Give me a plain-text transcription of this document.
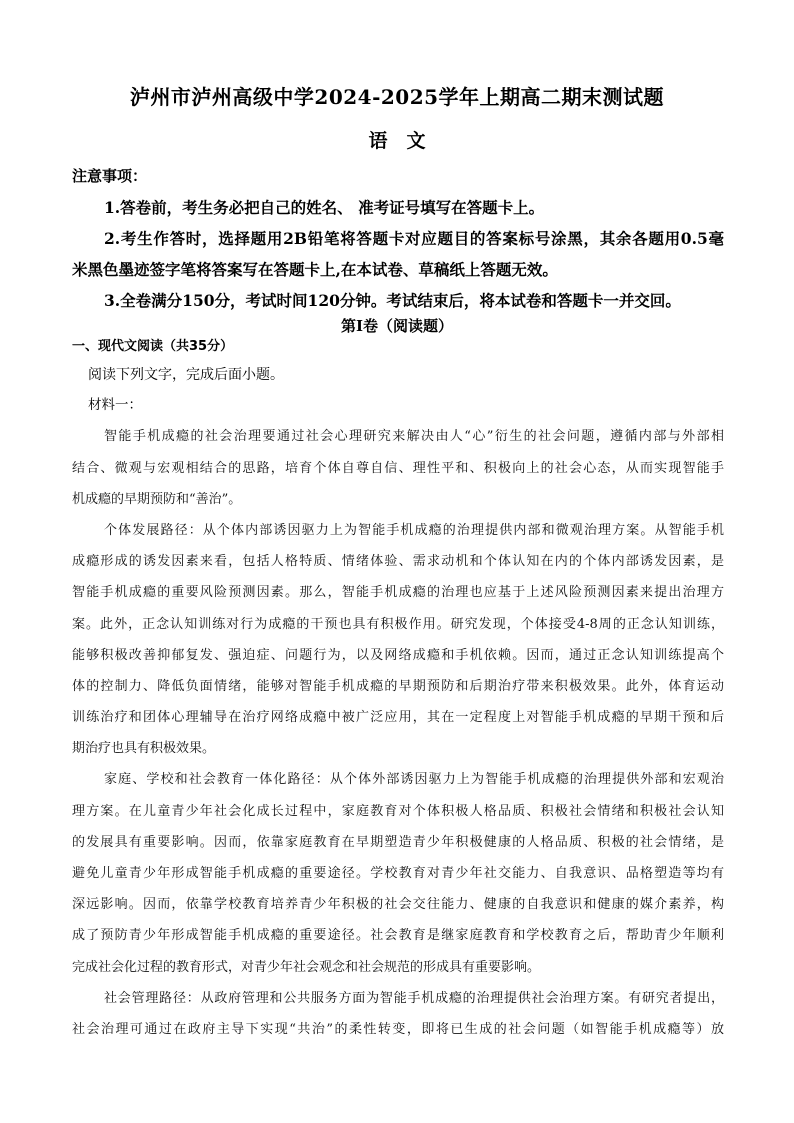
泸州市泸州高级中学2024-2025学年上期高二期末测试题
语　文
注意事项：
1.答卷前，考生务必把自己的姓名、 准考证号填写在答题卡上。
2.考生作答时，选择题用2B铅笔将答题卡对应题目的答案标号涂黑，其余各题用0.5毫
米黑色墨迹签字笔将答案写在答题卡上,在本试卷、草稿纸上答题无效。
3.全卷满分150分，考试时间120分钟。考试结束后，将本试卷和答题卡一并交回。
第Ⅰ卷（阅读题）
一、现代文阅读（共35分）
阅读下列文字，完成后面小题。
材料一：
智能手机成瘾的社会治理要通过社会心理研究来解决由人“心”衍生的社会问题，遵循内部与外部相
结合、微观与宏观相结合的思路，培育个体自尊自信、理性平和、积极向上的社会心态，从而实现智能手
机成瘾的早期预防和“善治”。
个体发展路径：从个体内部诱因驱力上为智能手机成瘾的治理提供内部和微观治理方案。从智能手机
成瘾形成的诱发因素来看，包括人格特质、情绪体验、需求动机和个体认知在内的个体内部诱发因素，是
智能手机成瘾的重要风险预测因素。那么，智能手机成瘾的治理也应基于上述风险预测因素来提出治理方
案。此外，正念认知训练对行为成瘾的干预也具有积极作用。研究发现，个体接受4-8周的正念认知训练，
能够积极改善抑郁复发、强迫症、问题行为，以及网络成瘾和手机依赖。因而，通过正念认知训练提高个
体的控制力、降低负面情绪，能够对智能手机成瘾的早期预防和后期治疗带来积极效果。此外，体育运动
训练治疗和团体心理辅导在治疗网络成瘾中被广泛应用，其在一定程度上对智能手机成瘾的早期干预和后
期治疗也具有积极效果。
家庭、学校和社会教育一体化路径：从个体外部诱因驱力上为智能手机成瘾的治理提供外部和宏观治
理方案。在儿童青少年社会化成长过程中，家庭教育对个体积极人格品质、积极社会情绪和积极社会认知
的发展具有重要影响。因而，依靠家庭教育在早期塑造青少年积极健康的人格品质、积极的社会情绪，是
避免儿童青少年形成智能手机成瘾的重要途径。学校教育对青少年社交能力、自我意识、品格塑造等均有
深远影响。因而，依靠学校教育培养青少年积极的社会交往能力、健康的自我意识和健康的媒介素养，构
成了预防青少年形成智能手机成瘾的重要途径。社会教育是继家庭教育和学校教育之后，帮助青少年顺利
完成社会化过程的教育形式，对青少年社会观念和社会规范的形成具有重要影响。
社会管理路径：从政府管理和公共服务方面为智能手机成瘾的治理提供社会治理方案。有研究者提出，
社会治理可通过在政府主导下实现“共治”的柔性转变，即将已生成的社会问题（如智能手机成瘾等）放
